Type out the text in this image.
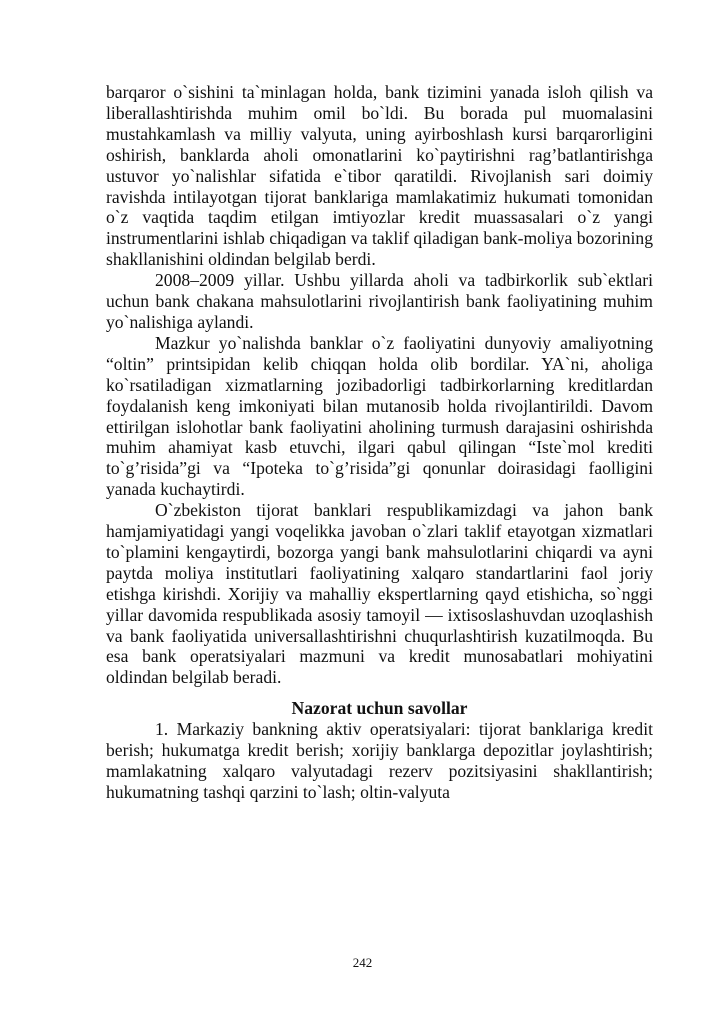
barqaror o`sishini ta`minlagan holda, bank tizimini yanada isloh qilish va liberallashtirishda muhim omil bo`ldi. Bu borada pul muomalasini mustahkamlash va milliy valyuta, uning ayirboshlash kursi barqarorligini oshirish, banklarda aholi omonatlarini ko`paytirishni rag’batlantirishga ustuvor yo`nalishlar sifatida e`tibor qaratildi. Rivojlanish sari doimiy ravishda intilayotgan tijorat banklariga mamlakatimiz hukumati tomonidan o`z vaqtida taqdim etilgan imtiyozlar kredit muassasalari o`z yangi instrumentlarini ishlab chiqadigan va taklif qiladigan bank-moliya bozorining shakllanishini oldindan belgilab berdi.

2008–2009 yillar. Ushbu yillarda aholi va tadbirkorlik sub`ektlari uchun bank chakana mahsulotlarini rivojlantirish bank faoliyatining muhim yo`nalishiga aylandi.

Mazkur yo`nalishda banklar o`z faoliyatini dunyoviy amaliyotning “oltin” printsipidan kelib chiqqan holda olib bordilar. YA`ni, aholiga ko`rsatiladigan xizmatlarning jozibadorligi tadbirkorlarning kreditlardan foydalanish keng imkoniyati bilan mutanosib holda rivojlantirildi. Davom ettirilgan islohotlar bank faoliyatini aholining turmush darajasini oshirishda muhim ahamiyat kasb etuvchi, ilgari qabul qilingan “Iste`mol krediti to`g’risida”gi va “Ipoteka to`g’risida”gi qonunlar doirasidagi faolligini yanada kuchaytirdi.

O`zbekiston tijorat banklari respublikamizdagi va jahon bank hamjamiyatidagi yangi voqelikka javoban o`zlari taklif etayotgan xizmatlari to`plamini kengaytirdi, bozorga yangi bank mahsulotlarini chiqardi va ayni paytda moliya institutlari faoliyatining xalqaro standartlarini faol joriy etishga kirishdi. Xorijiy va mahalliy ekspertlarning qayd etishicha, so`nggi yillar davomida respublikada asosiy tamoyil — ixtisoslashuvdan uzoqlashish va bank faoliyatida universallashtirishni chuqurlashtirish kuzatilmoqda. Bu esa bank operatsiyalari mazmuni va kredit munosabatlari mohiyatini oldindan belgilab beradi.

Nazorat uchun savollar

1. Markaziy bankning aktiv operatsiyalari: tijorat banklariga kredit berish; hukumatga kredit berish; xorijiy banklarga depozitlar joylashtirish; mamlakatning xalqaro valyutadagi rezerv pozitsiyasini shakllantirish; hukumatning tashqi qarzini to`lash; oltin-valyuta

242
